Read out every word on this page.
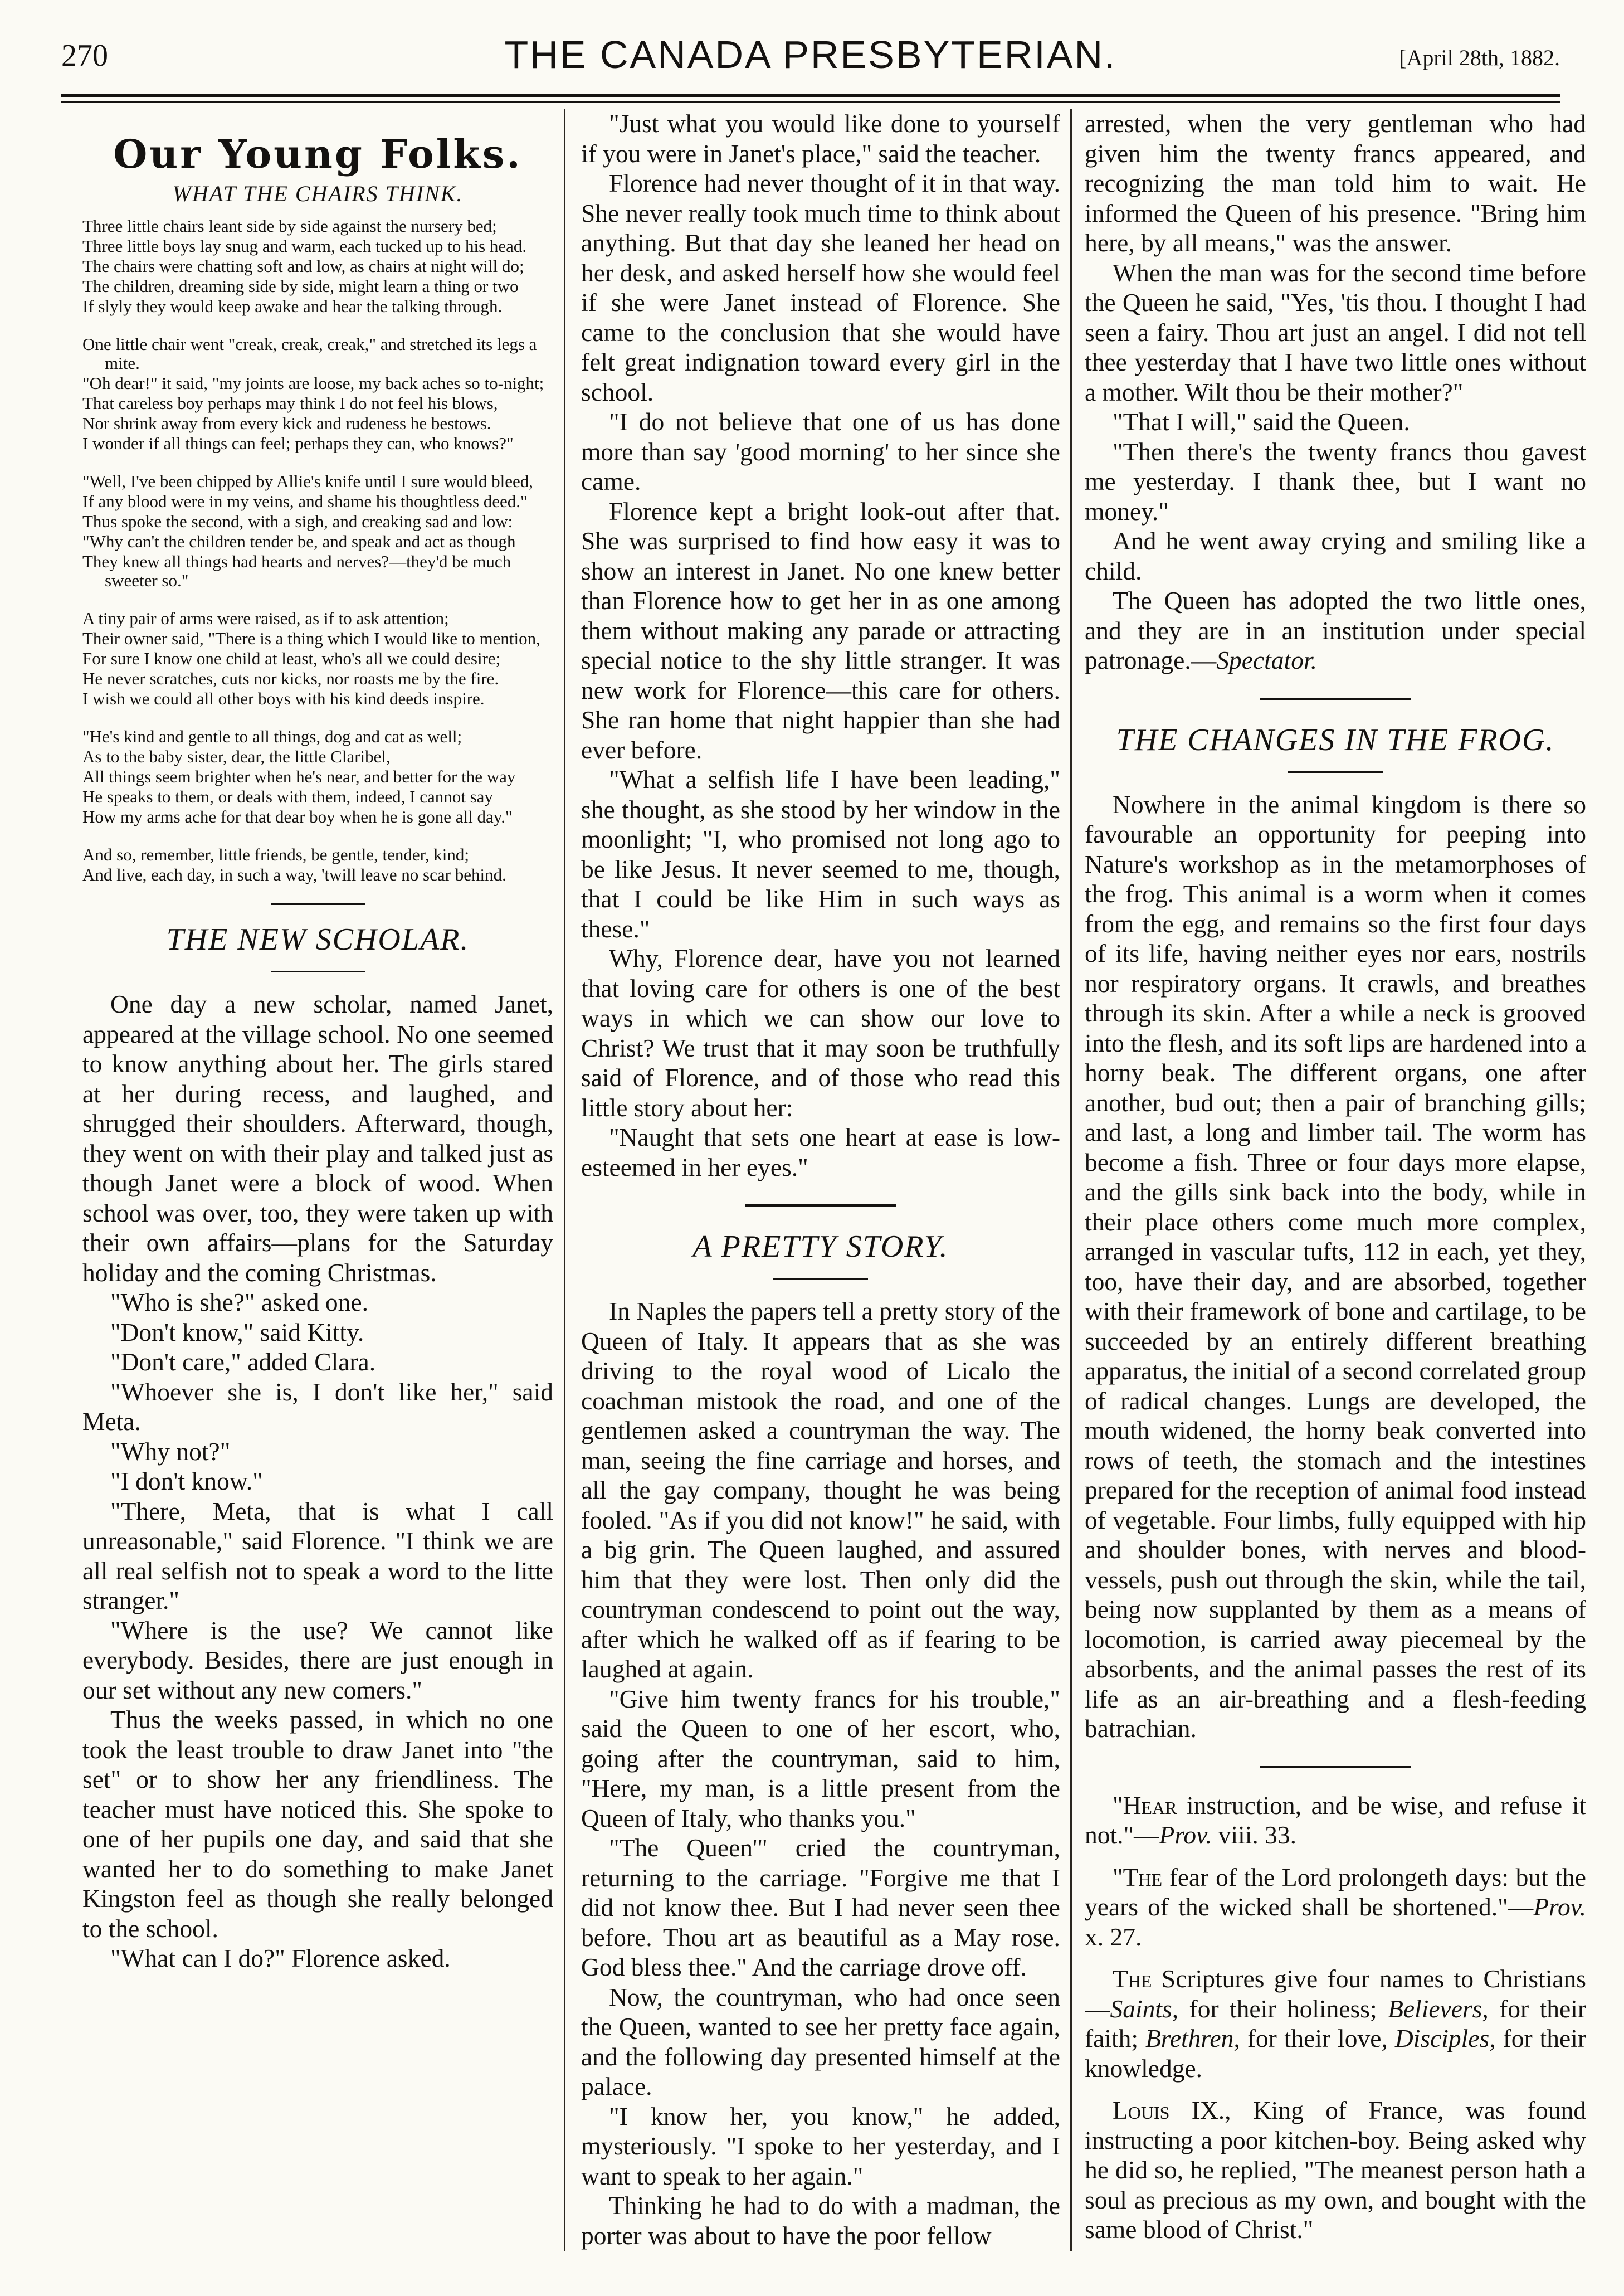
270	THE CANADA PRESBYTERIAN.	[April 28th, 1882.
Our Young Folks.
WHAT THE CHAIRS THINK.

Three little chairs leant side by side against the nursery bed;

Three little boys lay snug and warm, each tucked up to his head.

The chairs were chatting soft and low, as chairs at night will do;

The children, dreaming side by side, might learn a thing or two

If slyly they would keep awake and hear the talking through.

One little chair went "creak, creak, creak," and stretched its legs a mite.

"Oh dear!" it said, "my joints are loose, my back aches so to-night;

That careless boy perhaps may think I do not feel his blows,

Nor shrink away from every kick and rudeness he bestows.

I wonder if all things can feel; perhaps they can, who knows?"

"Well, I've been chipped by Allie's knife until I sure would bleed,

If any blood were in my veins, and shame his thoughtless deed."

Thus spoke the second, with a sigh, and creaking sad and low:

"Why can't the children tender be, and speak and act as though

They knew all things had hearts and nerves?—they'd be much sweeter so."

A tiny pair of arms were raised, as if to ask attention;

Their owner said, "There is a thing which I would like to mention,

For sure I know one child at least, who's all we could desire;

He never scratches, cuts nor kicks, nor roasts me by the fire.

I wish we could all other boys with his kind deeds inspire.

"He's kind and gentle to all things, dog and cat as well;

As to the baby sister, dear, the little Claribel,

All things seem brighter when he's near, and better for the way

He speaks to them, or deals with them, indeed, I cannot say

How my arms ache for that dear boy when he is gone all day."

And so, remember, little friends, be gentle, tender, kind;

And live, each day, in such a way, 'twill leave no scar behind.

THE NEW SCHOLAR.

One day a new scholar, named Janet, appeared at the village school. No one seemed to know anything about her. The girls stared at her during recess, and laughed, and shrugged their shoulders. Afterward, though, they went on with their play and talked just as though Janet were a block of wood. When school was over, too, they were taken up with their own affairs—plans for the Saturday holiday and the coming Christmas.

"Who is she?" asked one.

"Don't know," said Kitty.

"Don't care," added Clara.

"Whoever she is, I don't like her," said Meta.

"Why not?"

"I don't know."

"There, Meta, that is what I call unreasonable," said Florence. "I think we are all real selfish not to speak a word to the litte stranger."

"Where is the use? We cannot like everybody. Besides, there are just enough in our set without any new comers."

Thus the weeks passed, in which no one took the least trouble to draw Janet into "the set" or to show her any friendliness. The teacher must have noticed this. She spoke to one of her pupils one day, and said that she wanted her to do something to make Janet Kingston feel as though she really belonged to the school.

"What can I do?" Florence asked.

"Just what you would like done to yourself if you were in Janet's place," said the teacher.

Florence had never thought of it in that way. She never really took much time to think about anything. But that day she leaned her head on her desk, and asked herself how she would feel if she were Janet instead of Florence. She came to the conclusion that she would have felt great indignation toward every girl in the school.

"I do not believe that one of us has done more than say 'good morning' to her since she came.

Florence kept a bright look-out after that. She was surprised to find how easy it was to show an interest in Janet. No one knew better than Florence how to get her in as one among them without making any parade or attracting special notice to the shy little stranger. It was new work for Florence—this care for others. She ran home that night happier than she had ever before.

"What a selfish life I have been leading," she thought, as she stood by her window in the moonlight; "I, who promised not long ago to be like Jesus. It never seemed to me, though, that I could be like Him in such ways as these."

Why, Florence dear, have you not learned that loving care for others is one of the best ways in which we can show our love to Christ? We trust that it may soon be truthfully said of Florence, and of those who read this little story about her:

"Naught that sets one heart at ease is low-esteemed in her eyes."

A PRETTY STORY.

In Naples the papers tell a pretty story of the Queen of Italy. It appears that as she was driving to the royal wood of Licalo the coachman mistook the road, and one of the gentlemen asked a countryman the way. The man, seeing the fine carriage and horses, and all the gay company, thought he was being fooled. "As if you did not know!" he said, with a big grin. The Queen laughed, and assured him that they were lost. Then only did the countryman condescend to point out the way, after which he walked off as if fearing to be laughed at again.

"Give him twenty francs for his trouble," said the Queen to one of her escort, who, going after the countryman, said to him, "Here, my man, is a little present from the Queen of Italy, who thanks you."

"The Queen'" cried the countryman, returning to the carriage. "Forgive me that I did not know thee. But I had never seen thee before. Thou art as beautiful as a May rose. God bless thee." And the carriage drove off.

Now, the countryman, who had once seen the Queen, wanted to see her pretty face again, and the following day presented himself at the palace.

"I know her, you know," he added, mysteriously. "I spoke to her yesterday, and I want to speak to her again."

Thinking he had to do with a madman, the porter was about to have the poor fellow

arrested, when the very gentleman who had given him the twenty francs appeared, and recognizing the man told him to wait. He informed the Queen of his presence. "Bring him here, by all means," was the answer.

When the man was for the second time before the Queen he said, "Yes, 'tis thou. I thought I had seen a fairy. Thou art just an angel. I did not tell thee yesterday that I have two little ones without a mother. Wilt thou be their mother?"

"That I will," said the Queen.

"Then there's the twenty francs thou gavest me yesterday. I thank thee, but I want no money."

And he went away crying and smiling like a child.

The Queen has adopted the two little ones, and they are in an institution under special patronage.—Spectator.

THE CHANGES IN THE FROG.

Nowhere in the animal kingdom is there so favourable an opportunity for peeping into Nature's workshop as in the metamorphoses of the frog. This animal is a worm when it comes from the egg, and remains so the first four days of its life, having neither eyes nor ears, nostrils nor respiratory organs. It crawls, and breathes through its skin. After a while a neck is grooved into the flesh, and its soft lips are hardened into a horny beak. The different organs, one after another, bud out; then a pair of branching gills; and last, a long and limber tail. The worm has become a fish. Three or four days more elapse, and the gills sink back into the body, while in their place others come much more complex, arranged in vascular tufts, 112 in each, yet they, too, have their day, and are absorbed, together with their framework of bone and cartilage, to be succeeded by an entirely different breathing apparatus, the initial of a second correlated group of radical changes. Lungs are developed, the mouth widened, the horny beak converted into rows of teeth, the stomach and the intestines prepared for the reception of animal food instead of vegetable. Four limbs, fully equipped with hip and shoulder bones, with nerves and blood-vessels, push out through the skin, while the tail, being now supplanted by them as a means of locomotion, is carried away piecemeal by the absorbents, and the animal passes the rest of its life as an air-breathing and a flesh-feeding batrachian.

"Hear instruction, and be wise, and refuse it not."—Prov. viii. 33.

"The fear of the Lord prolongeth days: but the years of the wicked shall be shortened."—Prov. x. 27.

The Scriptures give four names to Christians—Saints, for their holiness; Believers, for their faith; Brethren, for their love, Disciples, for their knowledge.

Louis IX., King of France, was found instructing a poor kitchen-boy. Being asked why he did so, he replied, "The meanest person hath a soul as precious as my own, and bought with the same blood of Christ."
